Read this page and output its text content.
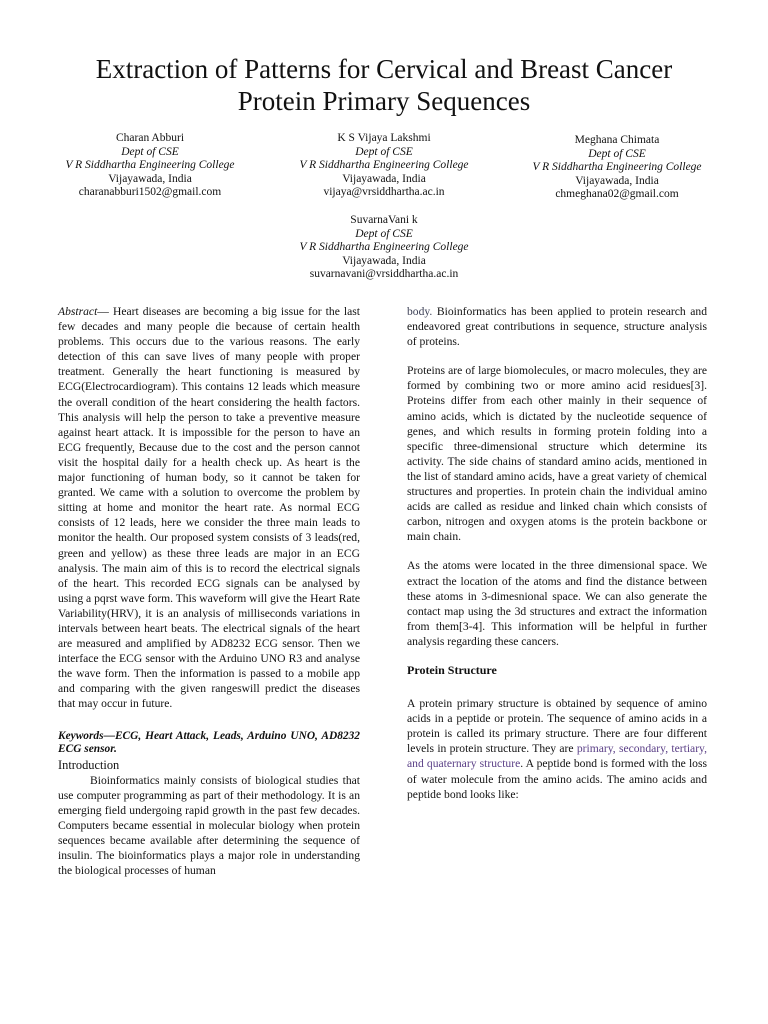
Extraction of Patterns for Cervical and Breast Cancer Protein Primary Sequences
Charan Abburi
Dept of CSE
V R Siddhartha Engineering College
Vijayawada, India
charanabburi1502@gmail.com
K S Vijaya Lakshmi
Dept of CSE
V R Siddhartha Engineering College
Vijayawada, India
vijaya@vrsiddhartha.ac.in
Meghana Chimata
Dept of CSE
V R Siddhartha Engineering College
Vijayawada, India
chmeghana02@gmail.com
SuvarnaVani k
Dept of CSE
V R Siddhartha Engineering College
Vijayawada, India
suvarnavani@vrsiddhartha.ac.in

Abstract— Heart diseases are becoming a big issue for the last few decades and many people die because of certain health problems. This occurs due to the various reasons. The early detection of this can save lives of many people with proper treatment. Generally the heart functioning is measured by ECG(Electrocardiogram). This contains 12 leads which measure the overall condition of the heart considering the health factors. This analysis will help the person to take a preventive measure against heart attack. It is impossible for the person to have an ECG frequently, Because due to the cost and the person cannot visit the hospital daily for a health check up. As heart is the major functioning of human body, so it cannot be taken for granted. We came with a solution to overcome the problem by sitting at home and monitor the heart rate. As normal ECG consists of 12 leads, here we consider the three main leads to monitor the health. Our proposed system consists of 3 leads(red, green and yellow) as these three leads are major in an ECG analysis. The main aim of this is to record the electrical signals of the heart. This recorded ECG signals can be analysed by using a pqrst wave form. This waveform will give the Heart Rate Variability(HRV), it is an analysis of milliseconds variations in intervals between heart beats. The electrical signals of the heart are measured and amplified by AD8232 ECG sensor. Then we interface the ECG sensor with the Arduino UNO R3 and analyse the wave form. Then the information is passed to a mobile app and comparing with the given rangeswill predict the diseases that may occur in future.

Keywords—ECG, Heart Attack, Leads, Arduino UNO, AD8232 ECG sensor.

Introduction

Bioinformatics mainly consists of biological studies that use computer programming as part of their methodology. It is an emerging field undergoing rapid growth in the past few decades. Computers became essential in molecular biology when protein sequences became available after determining the sequence of insulin. The bioinformatics plays a major role in understanding the biological processes of human

body. Bioinformatics has been applied to protein research and endeavored great contributions in sequence, structure analysis of proteins.

Proteins are of large biomolecules, or macro molecules, they are formed by combining two or more amino acid residues[3]. Proteins differ from each other mainly in their sequence of amino acids, which is dictated by the nucleotide sequence of genes, and which results in forming protein folding into a specific three-dimensional structure which determine its activity. The side chains of standard amino acids, mentioned in the list of standard amino acids, have a great variety of chemical structures and properties. In protein chain the individual amino acids are called as residue and linked chain which consists of carbon, nitrogen and oxygen atoms is the protein backbone or main chain.

As the atoms were located in the three dimensional space. We extract the location of the atoms and find the distance between these atoms in 3-dimesnional space. We can also generate the contact map using the 3d structures and extract the information from them[3-4]. This information will be helpful in further analysis regarding these cancers.

Protein Structure

A protein primary structure is obtained by sequence of amino acids in a peptide or protein. The sequence of amino acids in a protein is called its primary structure. There are four different levels in protein structure. They are primary, secondary, tertiary, and quaternary structure. A peptide bond is formed with the loss of water molecule from the amino acids. The amino acids and peptide bond looks like:
